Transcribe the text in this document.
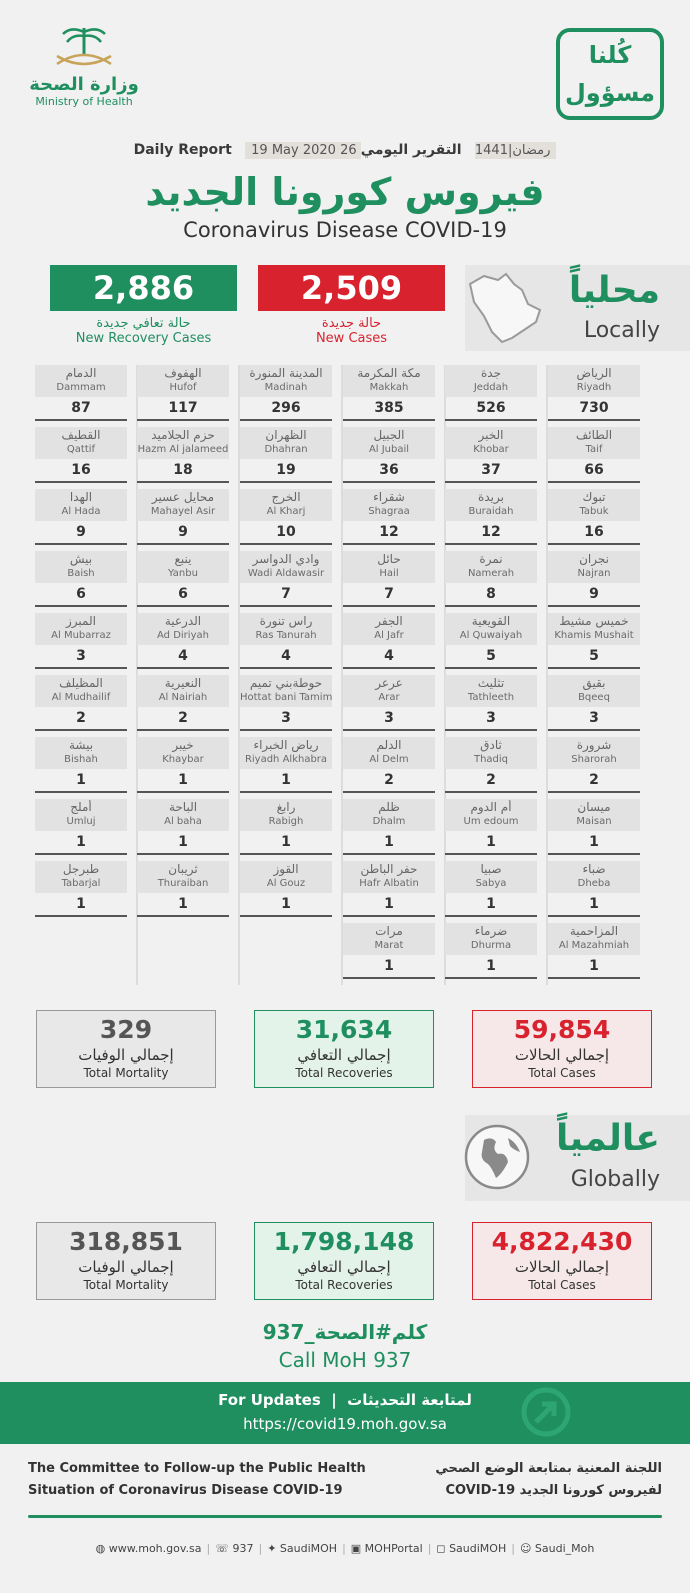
وزارة الصحة
Ministry of Health
كُلنا
مسؤول
Daily Report 19 May 2020 26 رمضان|1441   التقرير اليومي
فيروس كورونا الجديد
Coronavirus Disease COVID-19
2,886
حالة تعافي جديدة
New Recovery Cases
2,509
حالة جديدة
New Cases
محلياً
Locally
الرياض
Riyadh
730
الطائف
Taif
66
تبوك
Tabuk
16
نجران
Najran
9
خميس مشيط
Khamis Mushait
5
بقيق
Bqeeq
3
شرورة
Sharorah
2
ميسان
Maisan
1
ضباء
Dheba
1
المزاحمية
Al Mazahmiah
1
جدة
Jeddah
526
الخبر
Khobar
37
بريدة
Buraidah
12
نمرة
Namerah
8
القويعية
Al Quwaiyah
5
تثليث
Tathleeth
3
ثادق
Thadiq
2
أم الدوم
Um edoum
1
صبيا
Sabya
1
ضرماء
Dhurma
1
مكة المكرمة
Makkah
385
الجبيل
Al Jubail
36
شقراء
Shagraa
12
حائل
Hail
7
الجفر
Al Jafr
4
عرعر
Arar
3
الدلم
Al Delm
2
ظلم
Dhalm
1
حفر الباطن
Hafr Albatin
1
مرات
Marat
1
المدينة المنورة
Madinah
296
الظهران
Dhahran
19
الخرج
Al Kharj
10
وادي الدواسر
Wadi Aldawasir
7
راس تنورة
Ras Tanurah
4
حوطةبني تميم
Hottat bani Tamim
3
رياض الخبراء
Riyadh Alkhabra
1
رابغ
Rabigh
1
القوز
Al Gouz
1
الهفوف
Hufof
117
حزم الجلاميد
Hazm Al jalameed
18
محايل عسير
Mahayel Asir
9
ينبع
Yanbu
6
الدرعية
Ad Diriyah
4
النعيرية
Al Nairiah
2
خيبر
Khaybar
1
الباحة
Al baha
1
ثريبان
Thuraiban
1
الدمام
Dammam
87
القطيف
Qattif
16
الهدا
Al Hada
9
بيش
Baish
6
المبرز
Al Mubarraz
3
المظيلف
Al Mudhailif
2
بيشة
Bishah
1
أملج
Umluj
1
طبرجل
Tabarjal
1
329
إجمالي الوفيات
Total Mortality
31,634
إجمالي التعافي
Total Recoveries
59,854
إجمالي الحالات
Total Cases
عالمياً
Globally
318,851
إجمالي الوفيات
Total Mortality
1,798,148
إجمالي التعافي
Total Recoveries
4,822,430
إجمالي الحالات
Total Cases
كلم#الصحة_937
Call MoH 937
For Updates  |  لمتابعة التحديثات
https://covid19.moh.gov.sa
The Committee to Follow-up the Public Health
Situation of Coronavirus Disease COVID-19
اللجنة المعنية بمتابعة الوضع الصحي
لفيروس كورونا الجديد COVID-19
◍ www.moh.gov.sa | ☏ 937 | ✦ SaudiMOH | ▣ MOHPortal | ◻ SaudiMOH | ☺ Saudi_Moh
